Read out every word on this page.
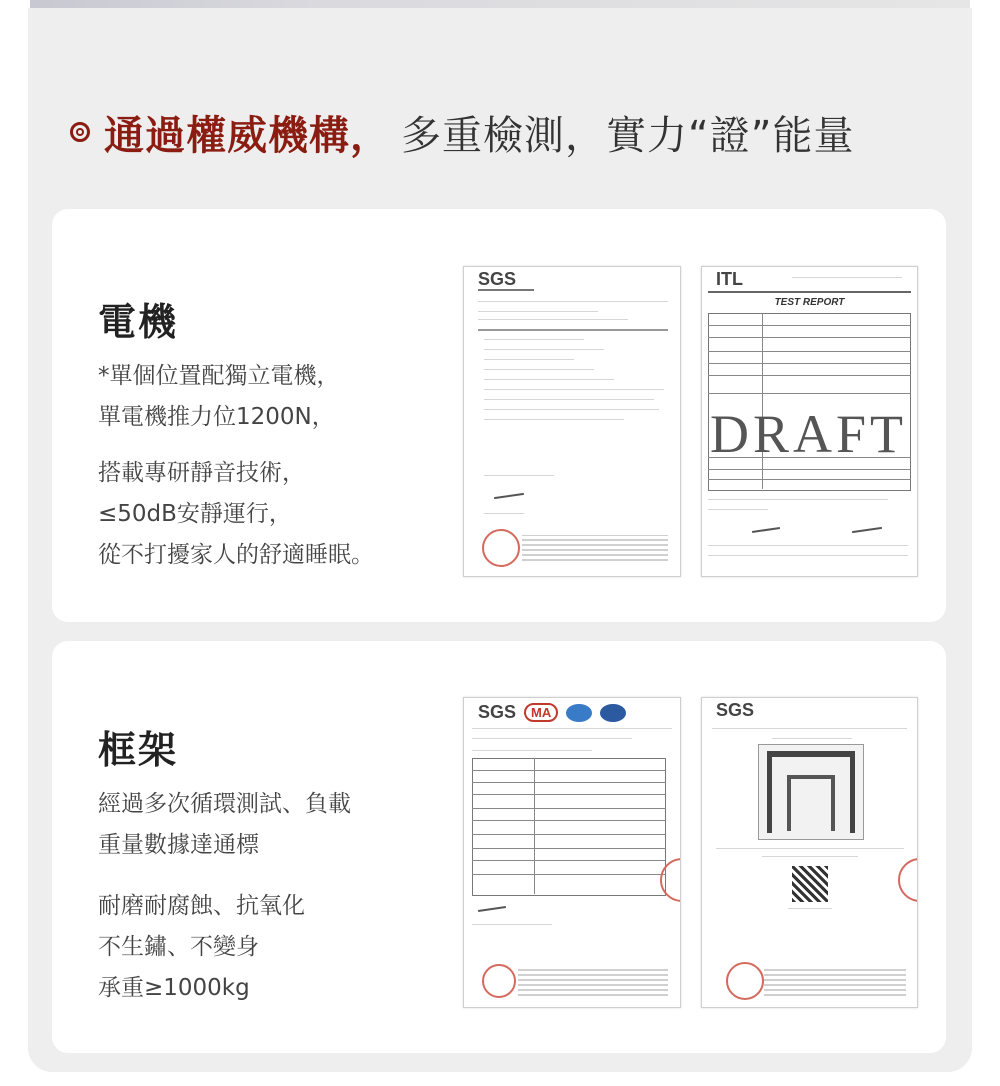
通過權威機構， 多重檢測，實力“證”能量
電機
*單個位置配獨立電機，
單電機推力位1200N，
搭載專研靜音技術，
≤50dB安靜運行，
從不打擾家人的舒適睡眠。
SGS	ITL
TEST REPORT
DRAFT
框架
經過多次循環測試、負載
重量數據達通標
耐磨耐腐蝕、抗氧化
不生鏽、不變身
承重≥1000kg
SGS	MA	SGS
